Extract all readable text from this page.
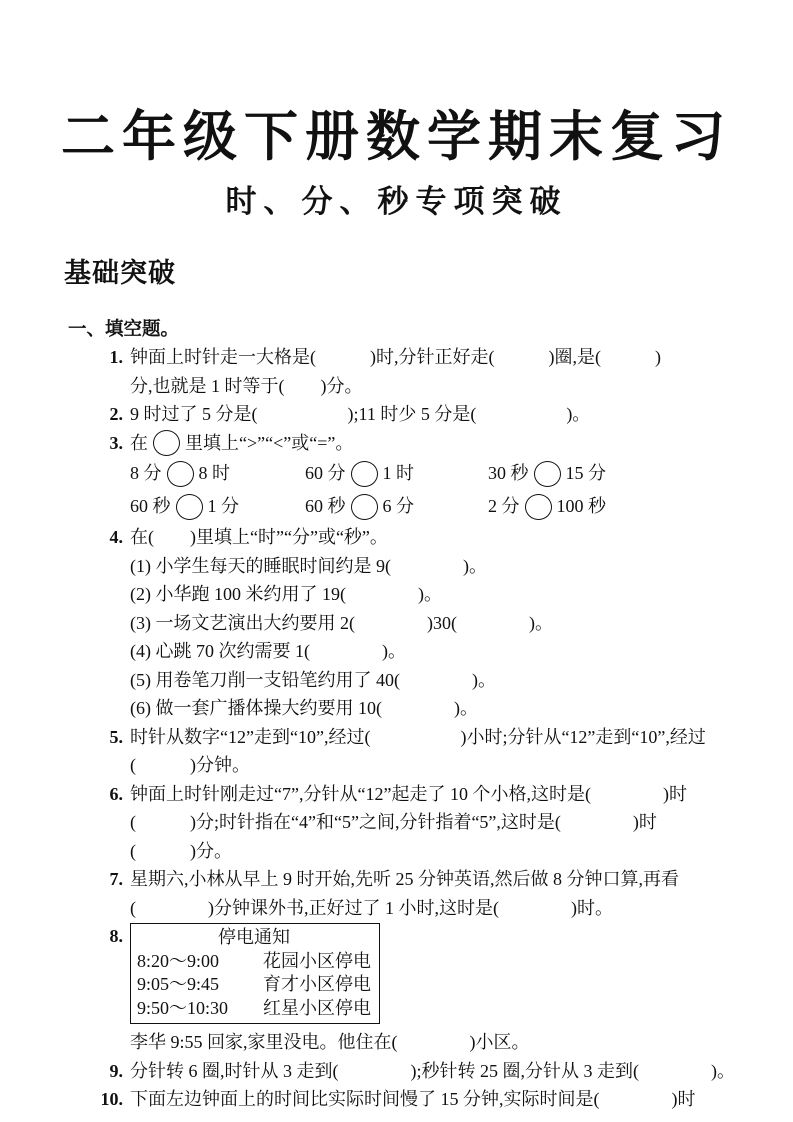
二年级下册数学期末复习
时、分、秒专项突破
基础突破
一、填空题。
1. 钟面上时针走一大格是(　　　)时,分针正好走(　　　)圈,是(　　　)
分,也就是 1 时等于(　　)分。
2. 9 时过了 5 分是(　　　　　);11 时少 5 分是(　　　　　)。
3. 在 里填上“>”“<”或“=”。
8 分 8 时	60 分 1 时	30 秒 15 分
60 秒 1 分	60 秒 6 分	2 分 100 秒
4. 在(　　)里填上“时”“分”或“秒”。
(1) 小学生每天的睡眠时间约是 9(　　　　)。
(2) 小华跑 100 米约用了 19(　　　　)。
(3) 一场文艺演出大约要用 2(　　　　)30(　　　　)。
(4) 心跳 70 次约需要 1(　　　　)。
(5) 用卷笔刀削一支铅笔约用了 40(　　　　)。
(6) 做一套广播体操大约要用 10(　　　　)。
5. 时针从数字“12”走到“10”,经过(　　　　　)小时;分针从“12”走到“10”,经过
(　　　)分钟。
6. 钟面上时针刚走过“7”,分针从“12”起走了 10 个小格,这时是(　　　　)时
(　　　)分;时针指在“4”和“5”之间,分针指着“5”,这时是(　　　　)时
(　　　)分。
7. 星期六,小林从早上 9 时开始,先听 25 分钟英语,然后做 8 分钟口算,再看
(　　　　)分钟课外书,正好过了 1 小时,这时是(　　　　)时。
8.	停电通知
8:20～9:00 花园小区停电
9:05～9:45 育才小区停电
9:50～10:30 红星小区停电
李华 9:55 回家,家里没电。他住在(　　　　)小区。
9. 分针转 6 圈,时针从 3 走到(　　　　);秒针转 25 圈,分针从 3 走到(　　　　)。
10. 下面左边钟面上的时间比实际时间慢了 15 分钟,实际时间是(　　　　)时
